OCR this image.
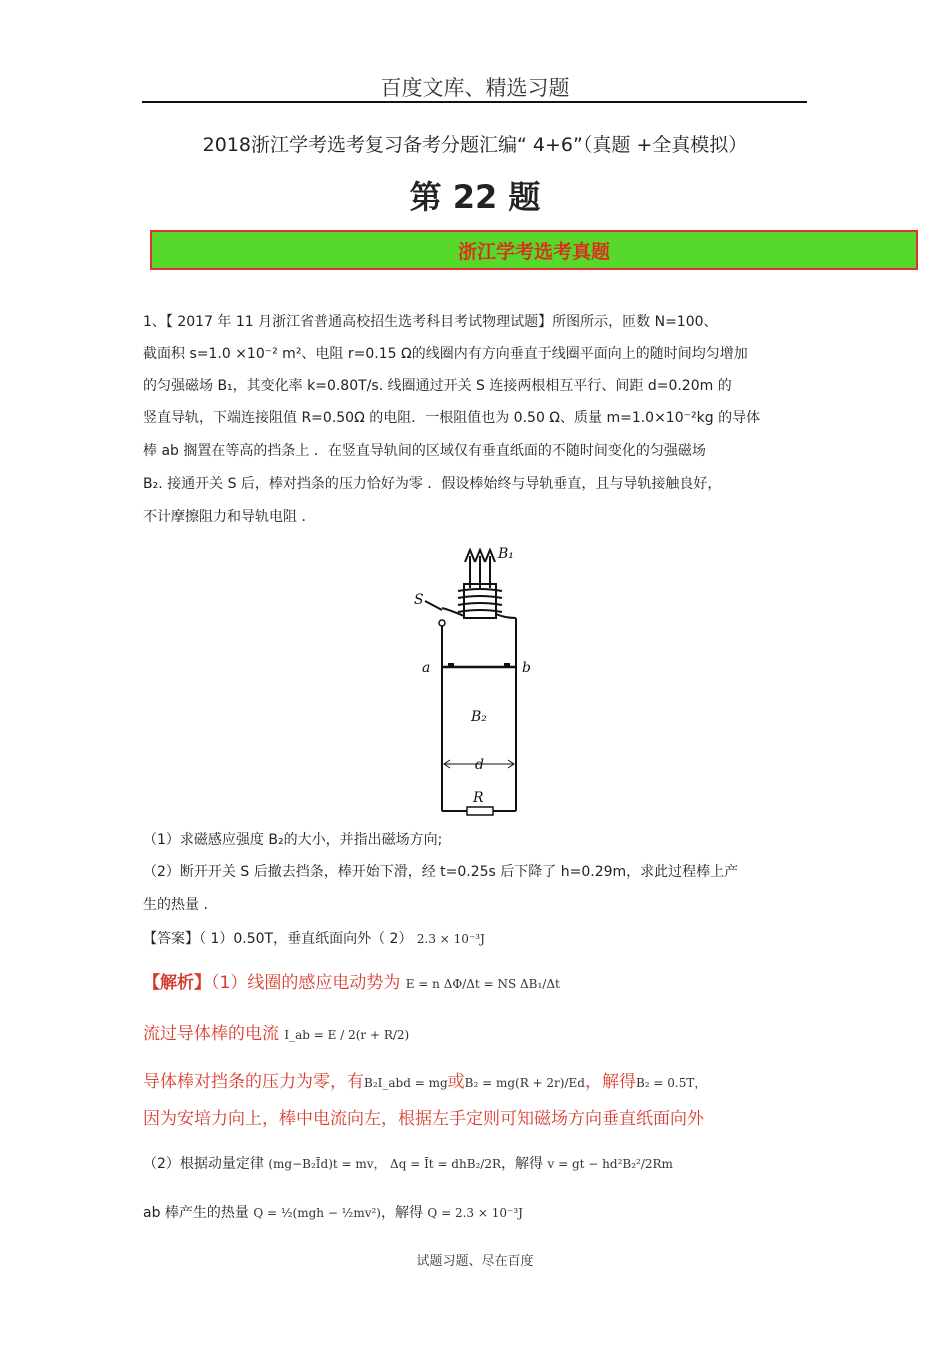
百度文库、精选习题
2018浙江学考选考复习备考分题汇编“ 4+6”（真题 +全真模拟）
第 22 题
浙江学考选考真题
1、【 2017 年 11 月浙江省普通高校招生选考科目考试物理试题】所图所示，匝数 N=100、
截面积 s=1.0 ×10⁻² m²、电阻 r=0.15 Ω的线圈内有方向垂直于线圈平面向上的随时间均匀增加
的匀强磁场 B₁，其变化率 k=0.80T/s. 线圈通过开关 S 连接两根相互平行、间距 d=0.20m 的
竖直导轨，下端连接阻值 R=0.50Ω 的电阻．一根阻值也为 0.50 Ω、质量 m=1.0×10⁻²kg 的导体
棒 ab 搁置在等高的挡条上 ．在竖直导轨间的区域仅有垂直纸面的不随时间变化的匀强磁场
B₂. 接通开关 S 后，棒对挡条的压力恰好为零 ．假设棒始终与导轨垂直，且与导轨接触良好，
不计摩擦阻力和导轨电阻 ．
B₁
S
a	b
B₂
d
R
（1）求磁感应强度 B₂的大小，并指出磁场方向;
（2）断开开关 S 后撤去挡条，棒开始下滑，经 t=0.25s 后下降了 h=0.29m，求此过程棒上产
生的热量 .
【答案】（ 1）0.50T，垂直纸面向外（ 2） 2.3 × 10⁻³J
【解析】（1）线圈的感应电动势为 E = n ΔΦ/Δt = NS ΔB₁/Δt
流过导体棒的电流 I_ab = E / 2(r + R/2)
导体棒对挡条的压力为零，有B₂I_abd = mg或B₂ = mg(R + 2r)/Ed，解得B₂ = 0.5T，
因为安培力向上，棒中电流向左，根据左手定则可知磁场方向垂直纸面向外
（2）根据动量定律 (mg−B₂Īd)t = mv， Δq = Īt = dhB₂/2R，解得 v = gt − hd²B₂²/2Rm
ab 棒产生的热量 Q = ½(mgh − ½mv²)，解得 Q = 2.3 × 10⁻³J
试题习题、尽在百度
